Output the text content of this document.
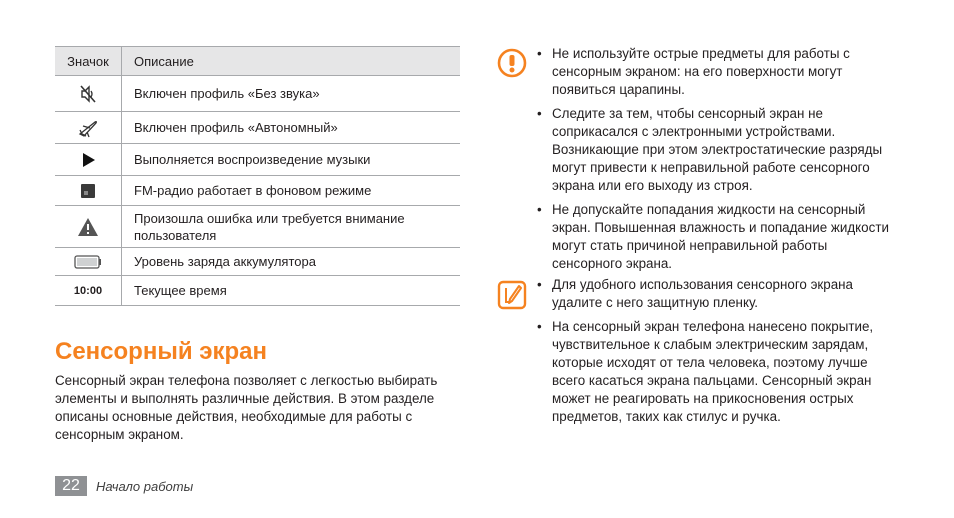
Значок	Описание

	Включен профиль «Без звука»

	Включен профиль «Автономный»

	Выполняется воспроизведение музыки

	FM-радио работает в фоновом режиме

	Произошла ошибка или требуется внимание пользователя

	Уровень заряда аккумулятора
10:00	Текущее время
Сенсорный экран

Сенсорный экран телефона позволяет с легкостью выбирать элементы и выполнять различные действия. В этом разделе описаны основные действия, необходимые для работы с сенсорным экраном.

22	Начало работы
• Не используйте острые предметы для работы с сенсорным экраном: на его поверхности могут появиться царапины.
• Следите за тем, чтобы сенсорный экран не соприкасался с электронными устройствами. Возникающие при этом электростатические разряды могут привести к неправильной работе сенсорного экрана или его выходу из строя.
• Не допускайте попадания жидкости на сенсорный экран. Повышенная влажность и попадание жидкости могут стать причиной неправильной работы сенсорного экрана.
• Для удобного использования сенсорного экрана удалите с него защитную пленку.
• На сенсорный экран телефона нанесено покрытие, чувствительное к слабым электрическим зарядам, которые исходят от тела человека, поэтому лучше всего касаться экрана пальцами. Сенсорный экран может не реагировать на прикосновения острых предметов, таких как стилус и ручка.
